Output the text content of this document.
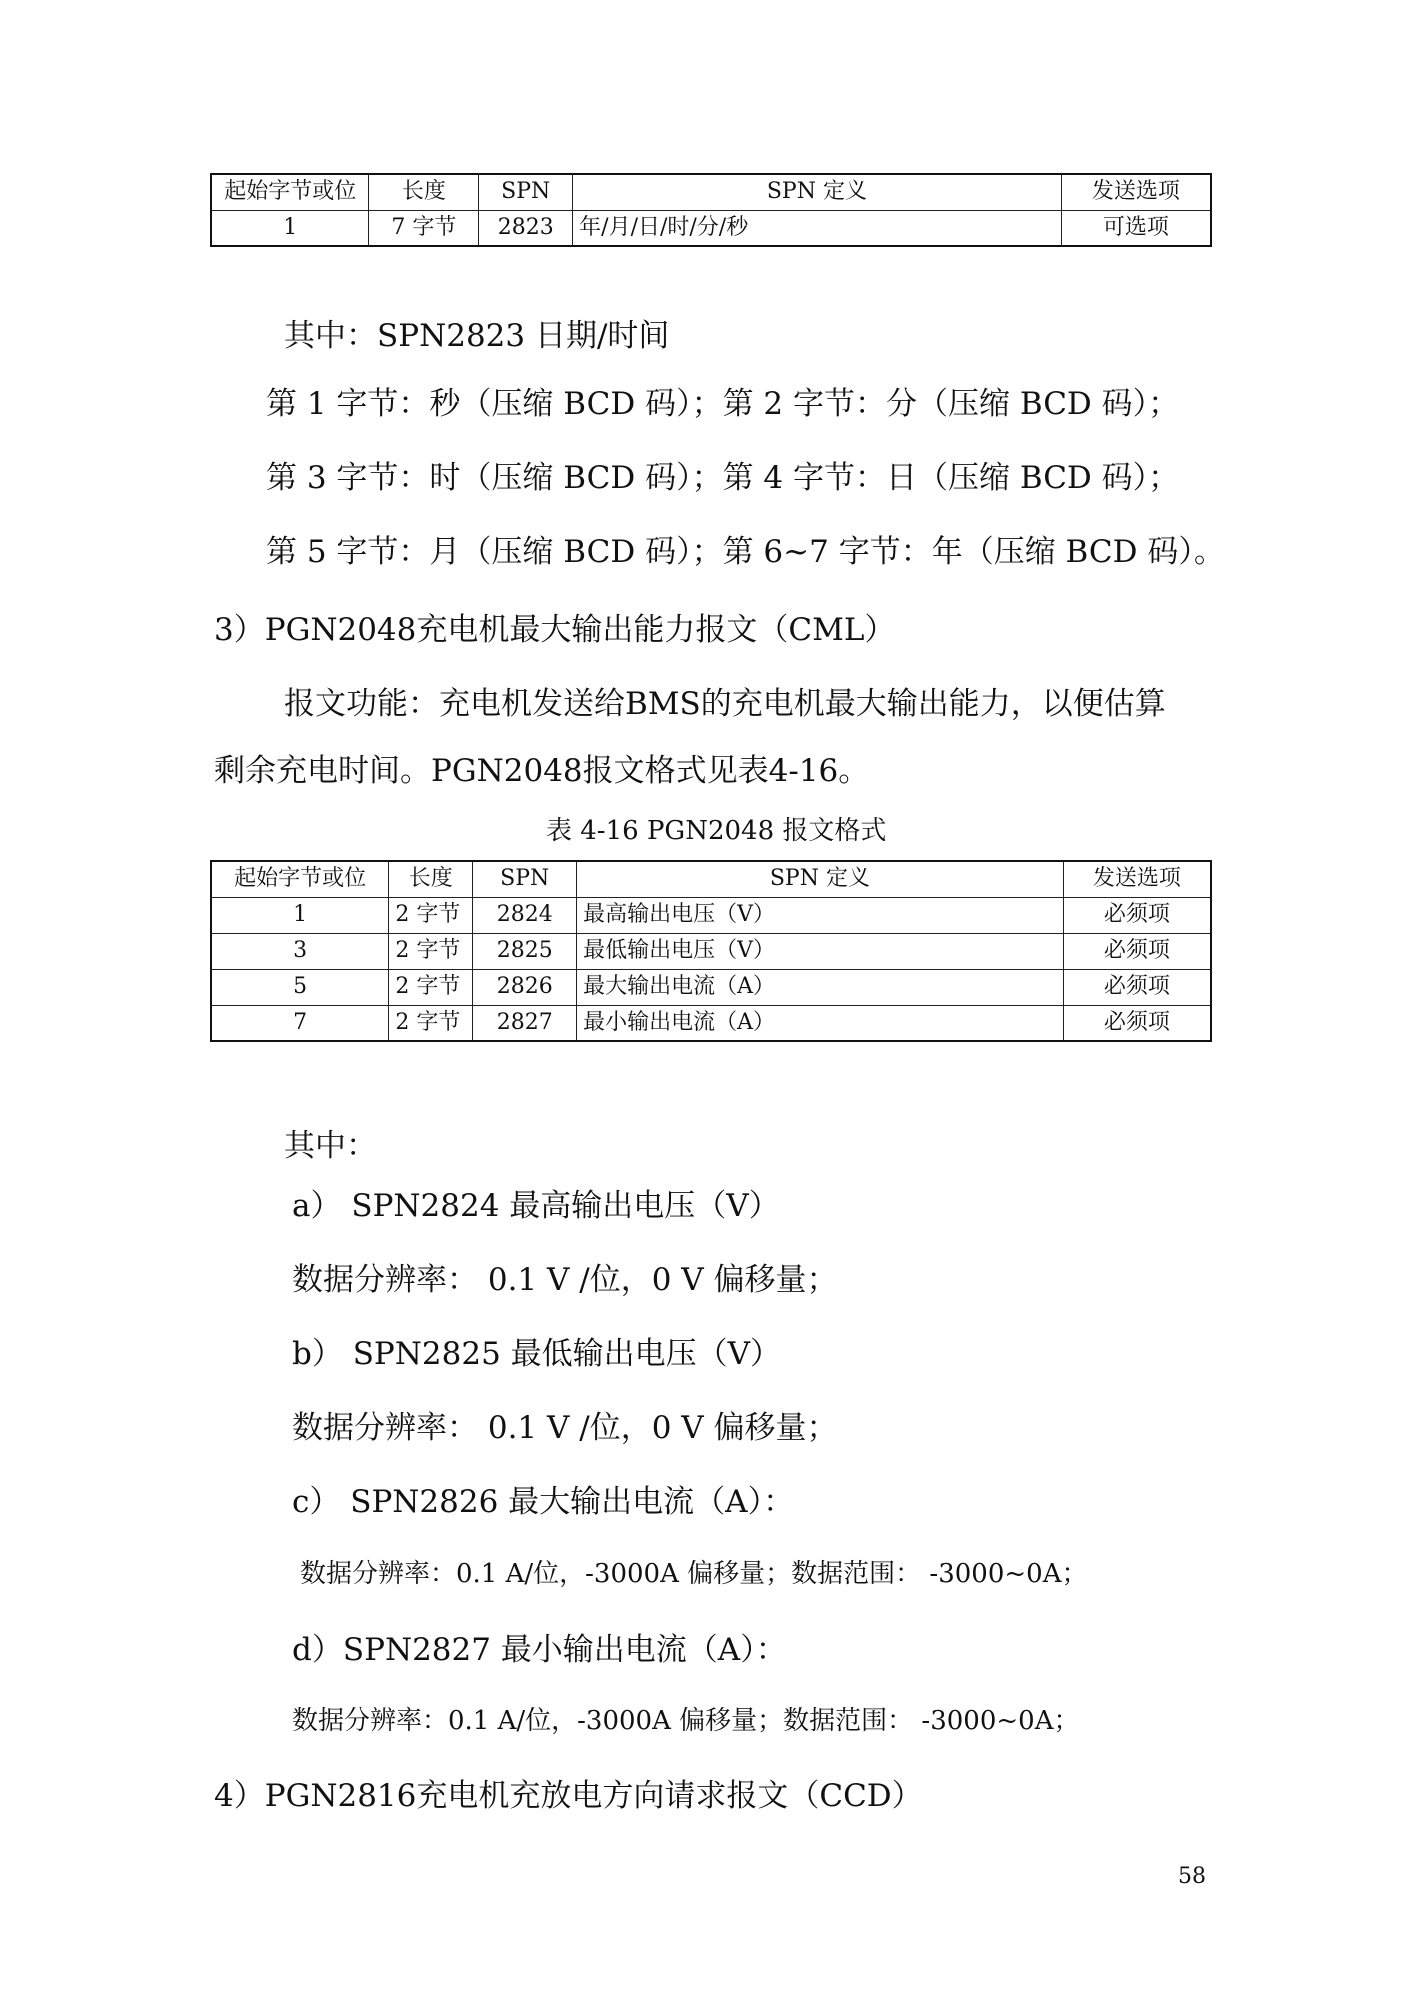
起始字节或位	长度	SPN	SPN 定义	发送选项
1	7 字节	2823	年/月/日/时/分/秒	可选项
其中：SPN2823 日期/时间
第 1 字节：秒（压缩 BCD 码）；第 2 字节：分（压缩 BCD 码）；
第 3 字节：时（压缩 BCD 码）；第 4 字节：日（压缩 BCD 码）；
第 5 字节：月（压缩 BCD 码）；第 6~7 字节：年（压缩 BCD 码）。
3）PGN2048充电机最大输出能力报文（CML）
报文功能：充电机发送给BMS的充电机最大输出能力，以便估算
剩余充电时间。PGN2048报文格式见表4-16。
表 4-16 PGN2048 报文格式
起始字节或位	长度	SPN	SPN 定义	发送选项
1	2 字节	2824	最高输出电压（V）	必须项
3	2 字节	2825	最低输出电压（V）	必须项
5	2 字节	2826	最大输出电流（A）	必须项
7	2 字节	2827	最小输出电流（A）	必须项
其中：
a） SPN2824 最高输出电压（V）
数据分辨率： 0.1 V /位，0 V 偏移量；
b） SPN2825 最低输出电压（V）
数据分辨率： 0.1 V /位，0 V 偏移量；
c） SPN2826 最大输出电流（A）：
数据分辨率：0.1 A/位，-3000A 偏移量；数据范围： -3000~0A；
d）SPN2827 最小输出电流（A）：
数据分辨率：0.1 A/位，-3000A 偏移量；数据范围： -3000~0A；
4）PGN2816充电机充放电方向请求报文（CCD）
58
